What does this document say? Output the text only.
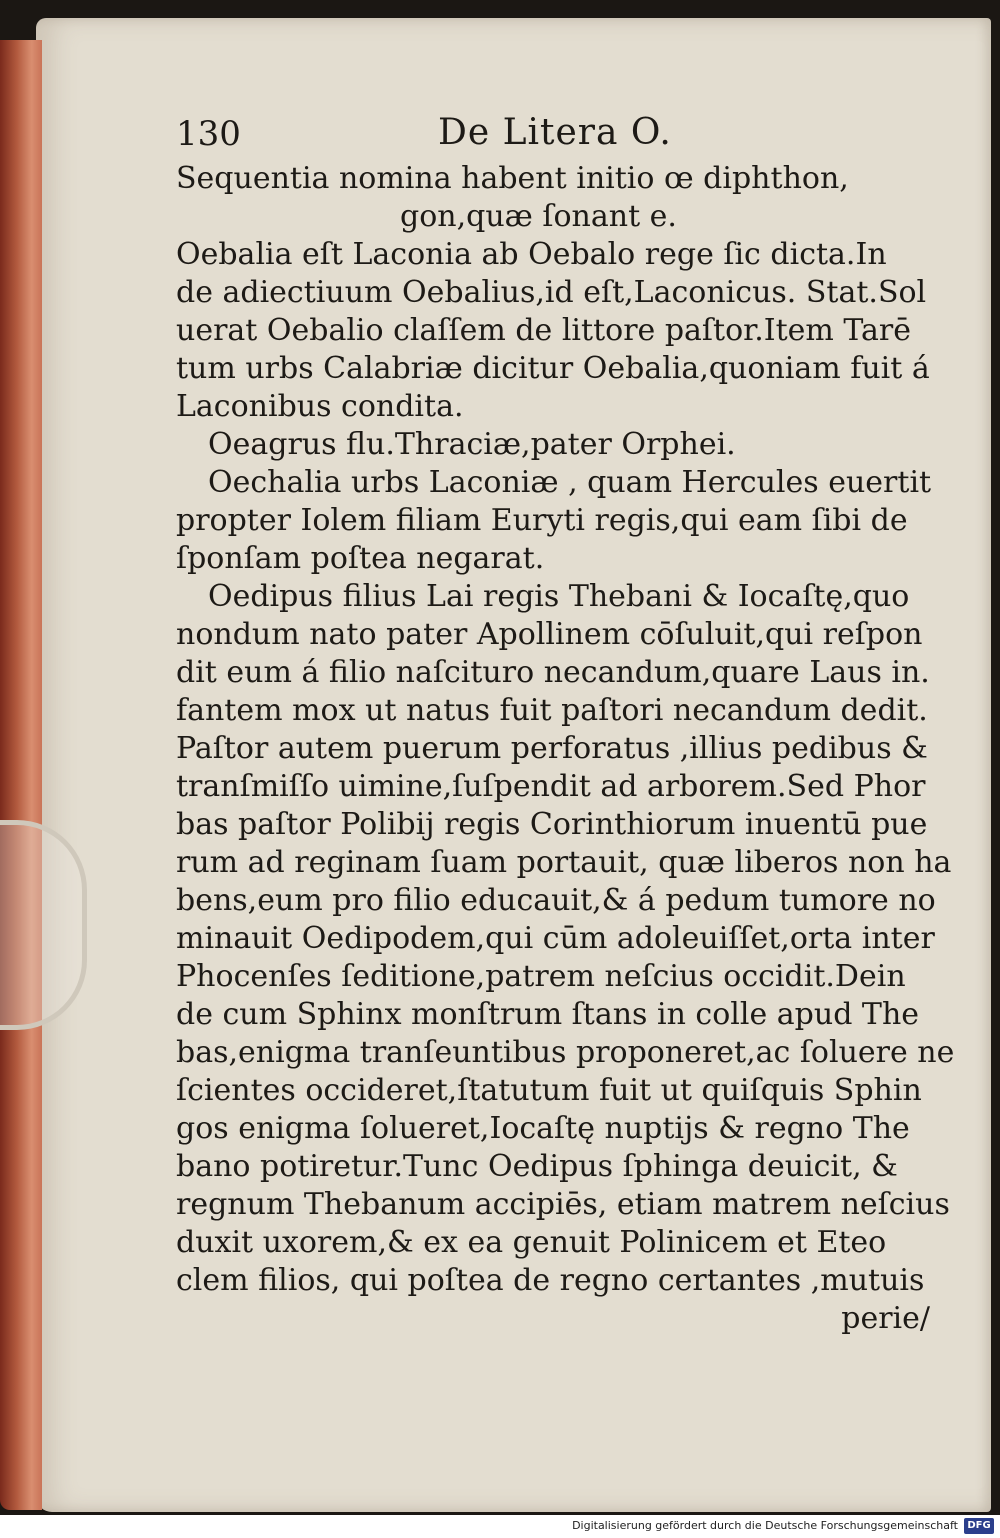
130	De Litera O.
Sequentia nomina habent initio œ diphthon,
gon,quæ ſonant e.
Oebalia eſt Laconia ab Oebalo rege ſic dicta.In
de adiectiuum Oebalius,id eſt,Laconicus. Stat.Sol
uerat Oebalio claſſem de littore paſtor.Item Tarē
tum urbs Calabriæ dicitur Oebalia,quoniam fuit á
Laconibus condita.
Oeagrus flu.Thraciæ,pater Orphei.
Oechalia urbs Laconiæ , quam Hercules euertit
propter Iolem filiam Euryti regis,qui eam ſibi de
ſponſam poſtea negarat.
Oedipus filius Lai regis Thebani & Iocaſtę,quo
nondum nato pater Apollinem cōſuluit,qui reſpon
dit eum á filio naſcituro necandum,quare Laus in.
fantem mox ut natus fuit paſtori necandum dedit.
Paſtor autem puerum perforatus ,illius pedibus &
tranſmiſſo uimine,ſuſpendit ad arborem.Sed Phor
bas paſtor Polibij regis Corinthiorum inuentū pue
rum ad reginam ſuam portauit, quæ liberos non ha
bens,eum pro filio educauit,& á pedum tumore no
minauit Oedipodem,qui cūm adoleuiſſet,orta inter
Phocenſes ſeditione,patrem neſcius occidit.Dein
de cum Sphinx monſtrum ſtans in colle apud The
bas,enigma tranſeuntibus proponeret,ac ſoluere ne
ſcientes occideret,ſtatutum fuit ut quiſquis Sphin
gos enigma ſolueret,Iocaſtę nuptijs & regno The
bano potiretur.Tunc Oedipus ſphinga deuicit, &
regnum Thebanum accipiēs, etiam matrem neſcius
duxit uxorem,& ex ea genuit Polinicem et Eteo
clem filios, qui poſtea de regno certantes ,mutuis
perie/
Digitalisierung gefördert durch die Deutsche Forschungsgemeinschaft DFG
